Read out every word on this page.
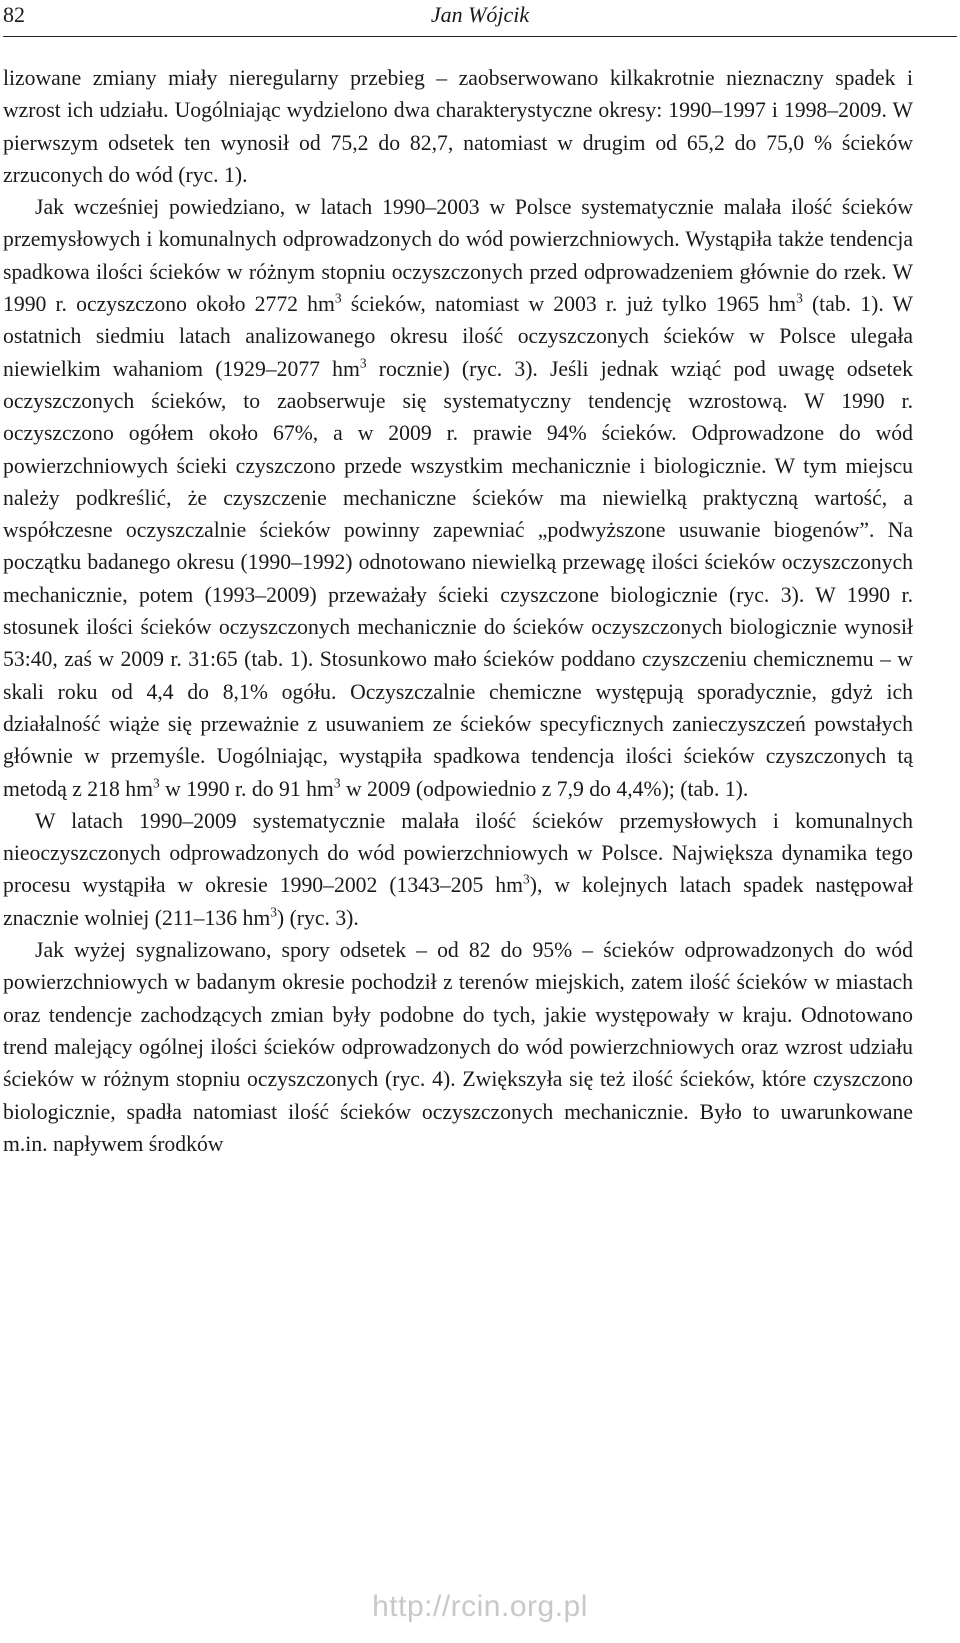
82	Jan Wójcik

lizowane zmiany miały nieregularny przebieg – zaobserwowano kilkakrotnie nieznaczny spadek i wzrost ich udziału. Uogólniając wydzielono dwa charakterystyczne okresy: 1990–1997 i 1998–2009. W pierwszym odsetek ten wynosił od 75,2 do 82,7, natomiast w drugim od 65,2 do 75,0 % ścieków zrzuconych do wód (ryc. 1).

Jak wcześniej powiedziano, w latach 1990–2003 w Polsce systematycznie malała ilość ścieków przemysłowych i komunalnych odprowadzonych do wód powierzchniowych. Wystąpiła także tendencja spadkowa ilości ścieków w różnym stopniu oczyszczonych przed odprowadzeniem głównie do rzek. W 1990 r. oczyszczono około 2772 $hm^3$ ścieków, natomiast w 2003 r. już tylko 1965 $hm^3$ (tab. 1). W ostatnich siedmiu latach analizowanego okresu ilość oczyszczonych ścieków w Polsce ulegała niewielkim wahaniom (1929–2077 $hm^3$ rocznie) (ryc. 3). Jeśli jednak wziąć pod uwagę odsetek oczyszczonych ścieków, to zaobserwuje się systematyczny tendencję wzrostową. W 1990 r. oczyszczono ogółem około 67%, a w 2009 r. prawie 94% ścieków. Odprowadzone do wód powierzchniowych ścieki czyszczono przede wszystkim mechanicznie i biologicznie. W tym miejscu należy podkreślić, że czyszczenie mechaniczne ścieków ma niewielką praktyczną wartość, a współczesne oczyszczalnie ścieków powinny zapewniać „podwyższone usuwanie biogenów”. Na początku badanego okresu (1990–1992) odnotowano niewielką przewagę ilości ścieków oczyszczonych mechanicznie, potem (1993–2009) przeważały ścieki czyszczone biologicznie (ryc. 3). W 1990 r. stosunek ilości ścieków oczyszczonych mechanicznie do ścieków oczyszczonych biologicznie wynosił 53:40, zaś w 2009 r. 31:65 (tab. 1). Stosunkowo mało ścieków poddano czyszczeniu chemicznemu – w skali roku od 4,4 do 8,1% ogółu. Oczyszczalnie chemiczne występują sporadycznie, gdyż ich działalność wiąże się przeważnie z usuwaniem ze ścieków specyficznych zanieczyszczeń powstałych głównie w przemyśle. Uogólniając, wystąpiła spadkowa tendencja ilości ścieków czyszczonych tą metodą z 218 $hm^3$ w 1990 r. do 91 $hm^3$ w 2009 (odpowiednio z 7,9 do 4,4%); (tab. 1).

W latach 1990–2009 systematycznie malała ilość ścieków przemysłowych i komunalnych nieoczyszczonych odprowadzonych do wód powierzchniowych w Polsce. Największa dynamika tego procesu wystąpiła w okresie 1990–2002 (1343–205 $hm^3$), w kolejnych latach spadek następował znacznie wolniej (211–136 $hm^3$) (ryc. 3).

Jak wyżej sygnalizowano, spory odsetek – od 82 do 95% – ścieków odprowadzonych do wód powierzchniowych w badanym okresie pochodził z terenów miejskich, zatem ilość ścieków w miastach oraz tendencje zachodzących zmian były podobne do tych, jakie występowały w kraju. Odnotowano trend malejący ogólnej ilości ścieków odprowadzonych do wód powierzchniowych oraz wzrost udziału ścieków w różnym stopniu oczyszczonych (ryc. 4). Zwiększyła się też ilość ścieków, które czyszczono biologicznie, spadła natomiast ilość ścieków oczyszczonych mechanicznie. Było to uwarunkowane m.in. napływem środków

http://rcin.org.pl
